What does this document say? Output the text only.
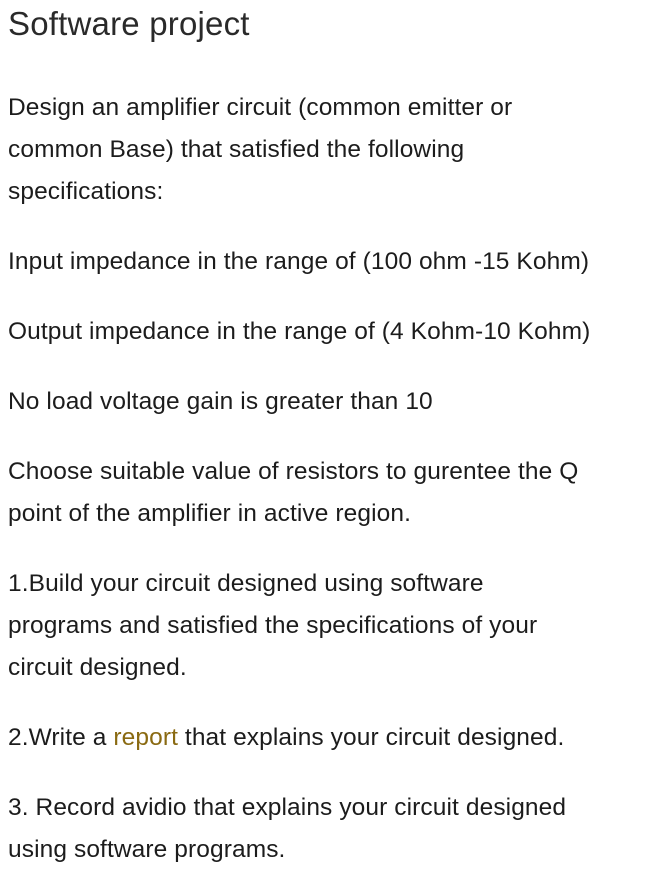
Software project

Design an amplifier circuit (common emitter or
common Base) that satisfied the following
specifications:

Input impedance in the range of (100 ohm -15 Kohm)

Output impedance in the range of (4 Kohm-10 Kohm)

No load voltage gain is greater than 10

Choose suitable value of resistors to gurentee the Q
point of the amplifier in active region.

1.Build your circuit designed using software
programs and satisfied the specifications of your
circuit designed.

2.Write a report that explains your circuit designed.

3. Record avidio that explains your circuit designed
using software programs.
